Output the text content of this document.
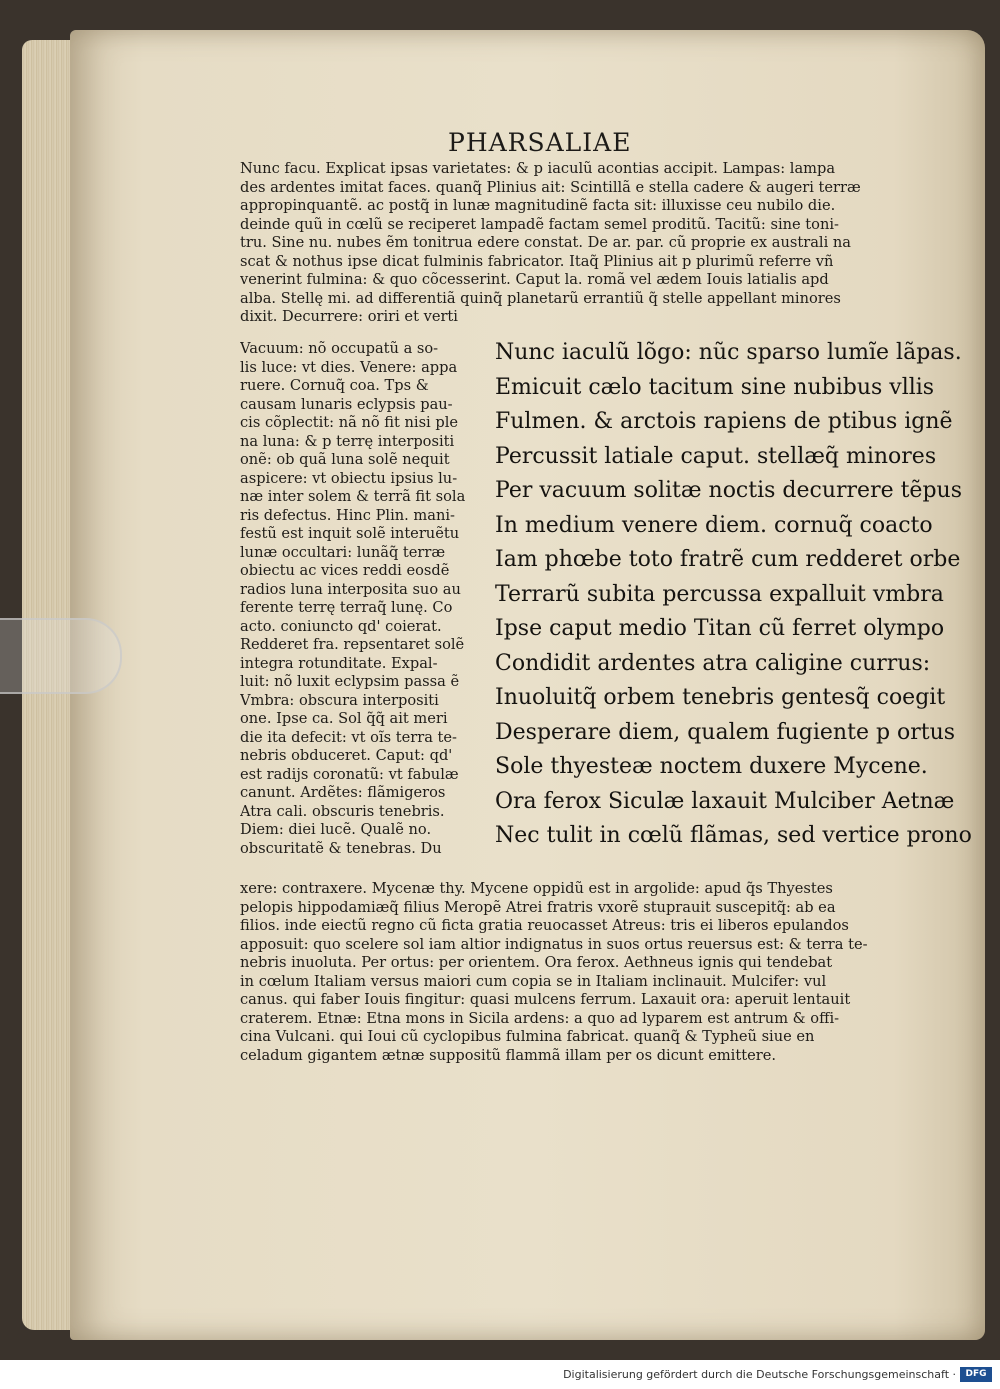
PHARSALIAE
Nunc facu. Explicat ipsas varietates: & p iaculũ acontias accipit. Lampas: lampa
des ardentes imitat faces. quanq̃ Plinius ait: Scintillã e stella cadere & augeri terræ
appropinquantẽ. ac postq̃ in lunæ magnitudinẽ facta sit: illuxisse ceu nubilo die.
deinde quũ in cœlũ se reciperet lampadẽ factam semel proditũ. Tacitũ: sine toni-
tru. Sine nu. nubes ẽm tonitrua edere constat. De ar. par. cũ proprie ex australi na
scat & nothus ipse dicat fulminis fabricator. Itaq̃ Plinius ait p plurimũ referre vñ
venerint fulmina: & quo cõcesserint. Caput la. romã vel ædem Iouis latialis apd
alba. Stellę mi. ad differentiã quinq̃ planetarũ errantiũ q̃ stelle appellant minores
dixit. Decurrere: oriri et verti
Vacuum: nõ occupatũ a so-
lis luce: vt dies. Venere: appa
ruere. Cornuq̃ coa. Tps &
causam lunaris eclypsis pau-
cis cõplectit: nã nõ fit nisi ple
na luna: & p terrę interpositi
onẽ: ob quã luna solẽ nequit
aspicere: vt obiectu ipsius lu-
næ inter solem & terrã fit sola
ris defectus. Hinc Plin. mani-
festũ est inquit solẽ interuẽtu
lunæ occultari: lunãq̃ terræ
obiectu ac vices reddi eosdẽ
radios luna interposita suo au
ferente terrę terraq̃ lunę. Co
acto. coniuncto qd' coierat.
Redderet fra. repsentaret solẽ
integra rotunditate. Expal-
luit: nõ luxit eclypsim passa ẽ
Vmbra: obscura interpositi
one. Ipse ca. Sol q̃q̃ ait meri
die ita defecit: vt oĩs terra te-
nebris obduceret. Caput: qd'
est radijs coronatũ: vt fabulæ
canunt. Ardẽtes: flãmigeros
Atra cali. obscuris tenebris.
Diem: diei lucẽ. Qualẽ no.
obscuritatẽ & tenebras. Du
Nunc iaculũ lõgo: nũc sparso lumĩe lãpas.
Emicuit cælo tacitum sine nubibus vllis
Fulmen. & arctois rapiens de ptibus ignẽ
Percussit latiale caput. stellæq̃ minores
Per vacuum solitæ noctis decurrere tẽpus
In medium venere diem. cornuq̃ coacto
Iam phœbe toto fratrẽ cum redderet orbe
Terrarũ subita percussa expalluit vmbra
Ipse caput medio Titan cũ ferret olympo
Condidit ardentes atra caligine currus:
Inuoluitq̃ orbem tenebris gentesq̃ coegit
Desperare diem, qualem fugiente p ortus
Sole thyesteæ noctem duxere Mycene.
Ora ferox Siculæ laxauit Mulciber Aetnæ
Nec tulit in cœlũ flãmas, sed vertice prono
xere: contraxere. Mycenæ thy. Mycene oppidũ est in argolide: apud q̃s Thyestes
pelopis hippodamiæq̃ filius Meropẽ Atrei fratris vxorẽ stuprauit suscepitq̃: ab ea
filios. inde eiectũ regno cũ ficta gratia reuocasset Atreus: tris ei liberos epulandos
apposuit: quo scelere sol iam altior indignatus in suos ortus reuersus est: & terra te-
nebris inuoluta. Per ortus: per orientem. Ora ferox. Aethneus ignis qui tendebat
in cœlum Italiam versus maiori cum copia se in Italiam inclinauit. Mulcifer: vul
canus. qui faber Iouis fingitur: quasi mulcens ferrum. Laxauit ora: aperuit lentauit
craterem. Etnæ: Etna mons in Sicila ardens: a quo ad lyparem est antrum & offi-
cina Vulcani. qui Ioui cũ cyclopibus fulmina fabricat. quanq̃ & Typheũ siue en
celadum gigantem ætnæ suppositũ flammã illam per os dicunt emittere.
Digitalisierung gefördert durch die Deutsche Forschungsgemeinschaft ·	DFG
